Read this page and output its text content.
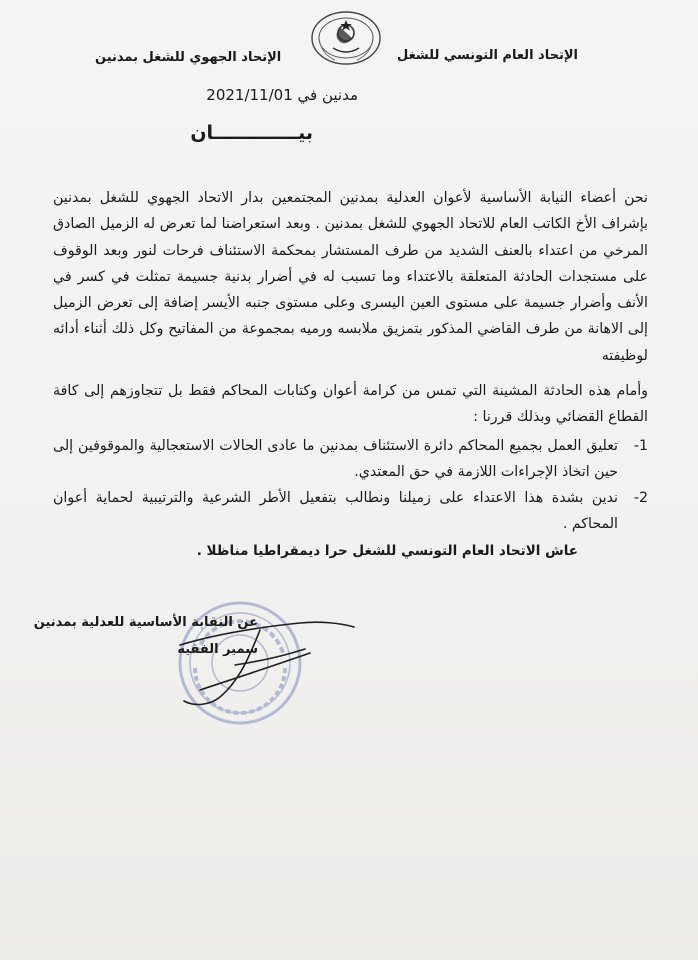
الإتحاد العام التونسي للشغل
الإتحاد الجهوي للشغل بمدنين
مدنين في 2021/11/01
بيـــــــــــــان

نحن أعضاء النيابة الأساسية لأعوان العدلية بمدنين المجتمعين بدار الاتحاد الجهوي للشغل بمدنين بإشراف الأخ الكاتب العام للاتحاد الجهوي للشغل بمدنين . وبعد استعراضنا لما تعرض له الزميل الصادق المرخي من اعتداء بالعنف الشديد من طرف المستشار بمحكمة الاستئناف فرحات لنور وبعد الوقوف على مستجدات الحادثة المتعلقة بالاعتداء وما تسبب له في أضرار بدنية جسيمة تمثلت في كسر في الأنف وأضرار جسيمة على مستوى العين اليسرى وعلى مستوى جنبه الأيسر إضافة إلى تعرض الزميل إلى الاهانة من طرف القاضي المذكور بتمزيق ملابسه ورميه بمجموعة من المفاتيح وكل ذلك أثناء أدائه لوظيفته

وأمام هذه الحادثة المشينة التي تمس من كرامة أعوان وكتابات المحاكم فقط بل تتجاوزهم إلى كافة القطاع القضائي وبذلك قررنا :

1-
تعليق العمل بجميع المحاكم دائرة الاستئناف بمدنين ما عادى الحالات الاستعجالية والموقوفين إلى حين اتخاذ الإجراءات اللازمة في حق المعتدي.
2-
ندين بشدة هذا الاعتداء على زميلنا ونطالب بتفعيل الأطر الشرعية والترتيبية لحماية أعوان المحاكم .
عاش الاتحاد العام التونسي للشغل حرا ديمقراطيا مناظلا .
عن النقابة الأساسية للعدلية بمدنين
سمير الفقيه
